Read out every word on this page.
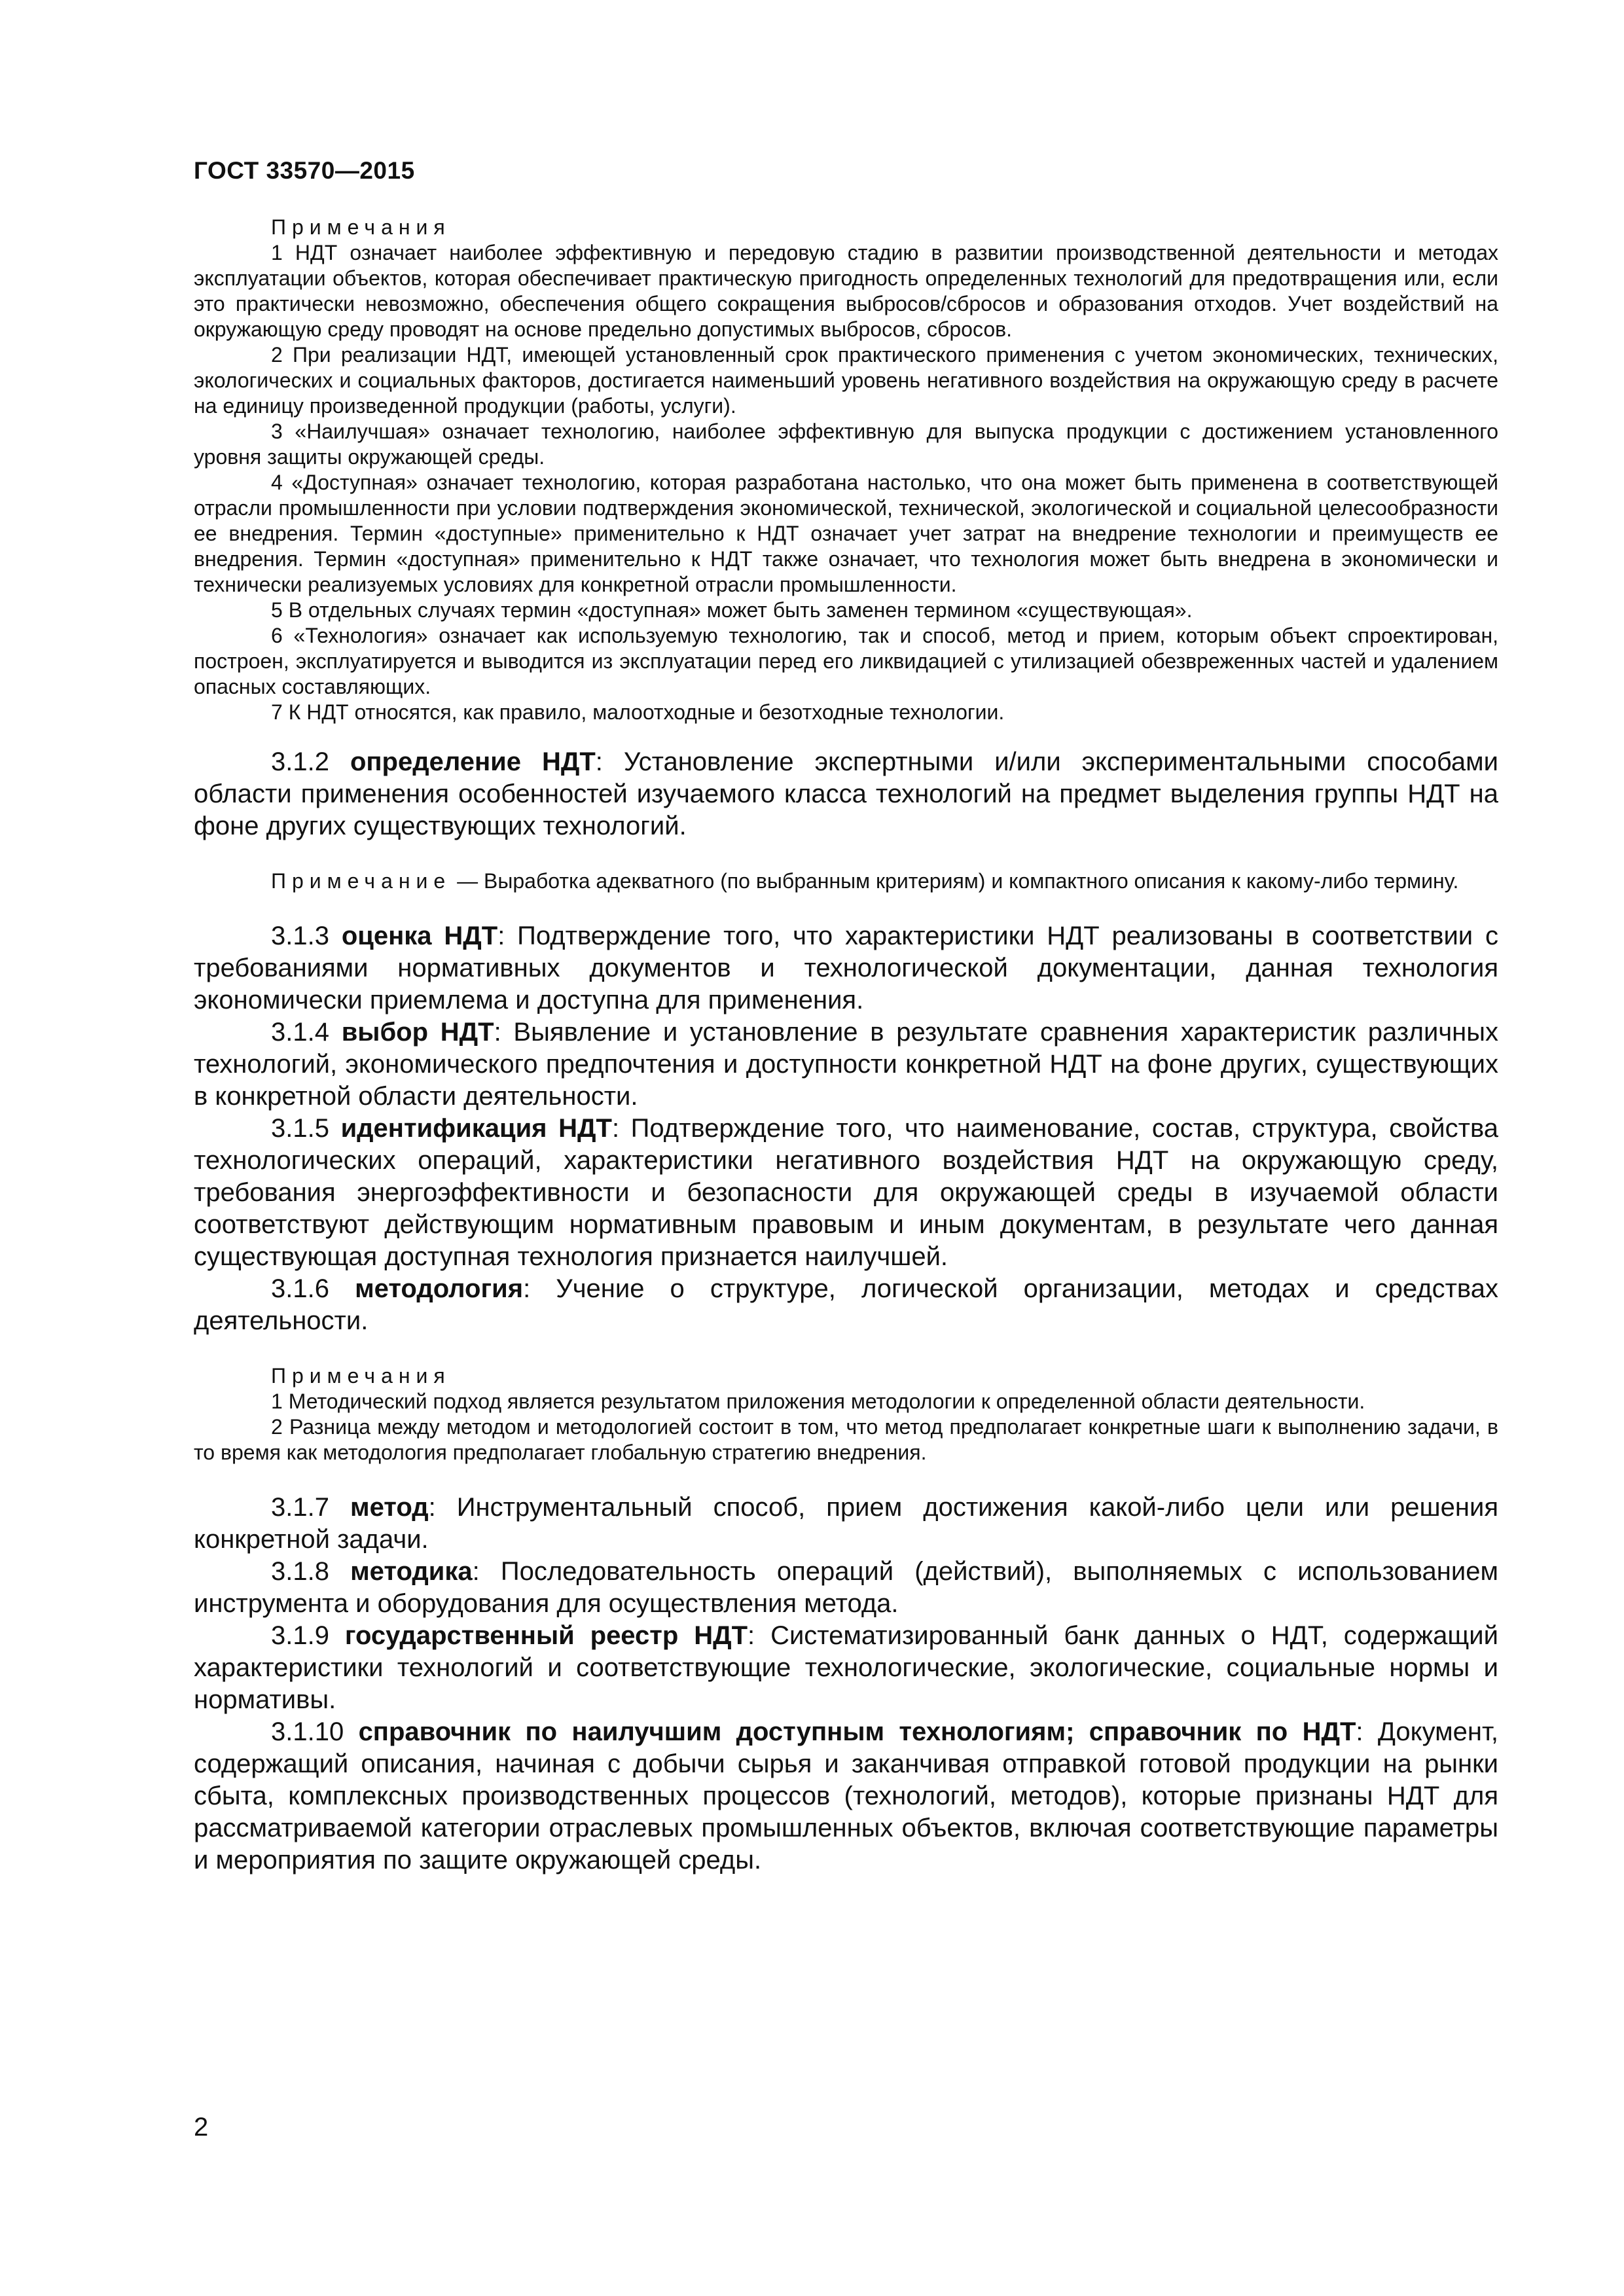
ГОСТ 33570—2015
Примечания
1 НДТ означает наиболее эффективную и передовую стадию в развитии производственной деятельности и методах эксплуатации объектов, которая обеспечивает практическую пригодность определенных технологий для предотвращения или, если это практически невозможно, обеспечения общего сокращения выбросов/сбросов и образования отходов. Учет воздействий на окружающую среду проводят на основе предельно допустимых выбросов, сбросов.
2 При реализации НДТ, имеющей установленный срок практического применения с учетом экономических, технических, экологических и социальных факторов, достигается наименьший уровень негативного воздействия на окружающую среду в расчете на единицу произведенной продукции (работы, услуги).
3 «Наилучшая» означает технологию, наиболее эффективную для выпуска продукции с достижением установленного уровня защиты окружающей среды.
4 «Доступная» означает технологию, которая разработана настолько, что она может быть применена в соответствующей отрасли промышленности при условии подтверждения экономической, технической, экологической и социальной целесообразности ее внедрения. Термин «доступные» применительно к НДТ означает учет затрат на внедрение технологии и преимуществ ее внедрения. Термин «доступная» применительно к НДТ также означает, что технология может быть внедрена в экономически и технически реализуемых условиях для конкретной отрасли промышленности.
5 В отдельных случаях термин «доступная» может быть заменен термином «существующая».
6 «Технология» означает как используемую технологию, так и способ, метод и прием, которым объект спроектирован, построен, эксплуатируется и выводится из эксплуатации перед его ликвидацией с утилизацией обезвреженных частей и удалением опасных составляющих.
7 К НДТ относятся, как правило, малоотходные и безотходные технологии.

3.1.2 определение НДТ: Установление экспертными и/или экспериментальными способами области применения особенностей изучаемого класса технологий на предмет выделения группы НДТ на фоне других существующих технологий.

Примечание — Выработка адекватного (по выбранным критериям) и компактного описания к какому-либо термину.

3.1.3 оценка НДТ: Подтверждение того, что характеристики НДТ реализованы в соответствии с требованиями нормативных документов и технологической документации, данная технология экономически приемлема и доступна для применения.

3.1.4 выбор НДТ: Выявление и установление в результате сравнения характеристик различных технологий, экономического предпочтения и доступности конкретной НДТ на фоне других, существующих в конкретной области деятельности.

3.1.5 идентификация НДТ: Подтверждение того, что наименование, состав, структура, свойства технологических операций, характеристики негативного воздействия НДТ на окружающую среду, требования энергоэффективности и безопасности для окружающей среды в изучаемой области соответствуют действующим нормативным правовым и иным документам, в результате чего данная существующая доступная технология признается наилучшей.

3.1.6 методология: Учение о структуре, логической организации, методах и средствах деятельности.

Примечания
1 Методический подход является результатом приложения методологии к определенной области деятельности.
2 Разница между методом и методологией состоит в том, что метод предполагает конкретные шаги к выполнению задачи, в то время как методология предполагает глобальную стратегию внедрения.

3.1.7 метод: Инструментальный способ, прием достижения какой-либо цели или решения конкретной задачи.

3.1.8 методика: Последовательность операций (действий), выполняемых с использованием инструмента и оборудования для осуществления метода.

3.1.9 государственный реестр НДТ: Систематизированный банк данных о НДТ, содержащий характеристики технологий и соответствующие технологические, экологические, социальные нормы и нормативы.

3.1.10 справочник по наилучшим доступным технологиям; справочник по НДТ: Документ, содержащий описания, начиная с добычи сырья и заканчивая отправкой готовой продукции на рынки сбыта, комплексных производственных процессов (технологий, методов), которые признаны НДТ для рассматриваемой категории отраслевых промышленных объектов, включая соответствующие параметры и мероприятия по защите окружающей среды.

2
